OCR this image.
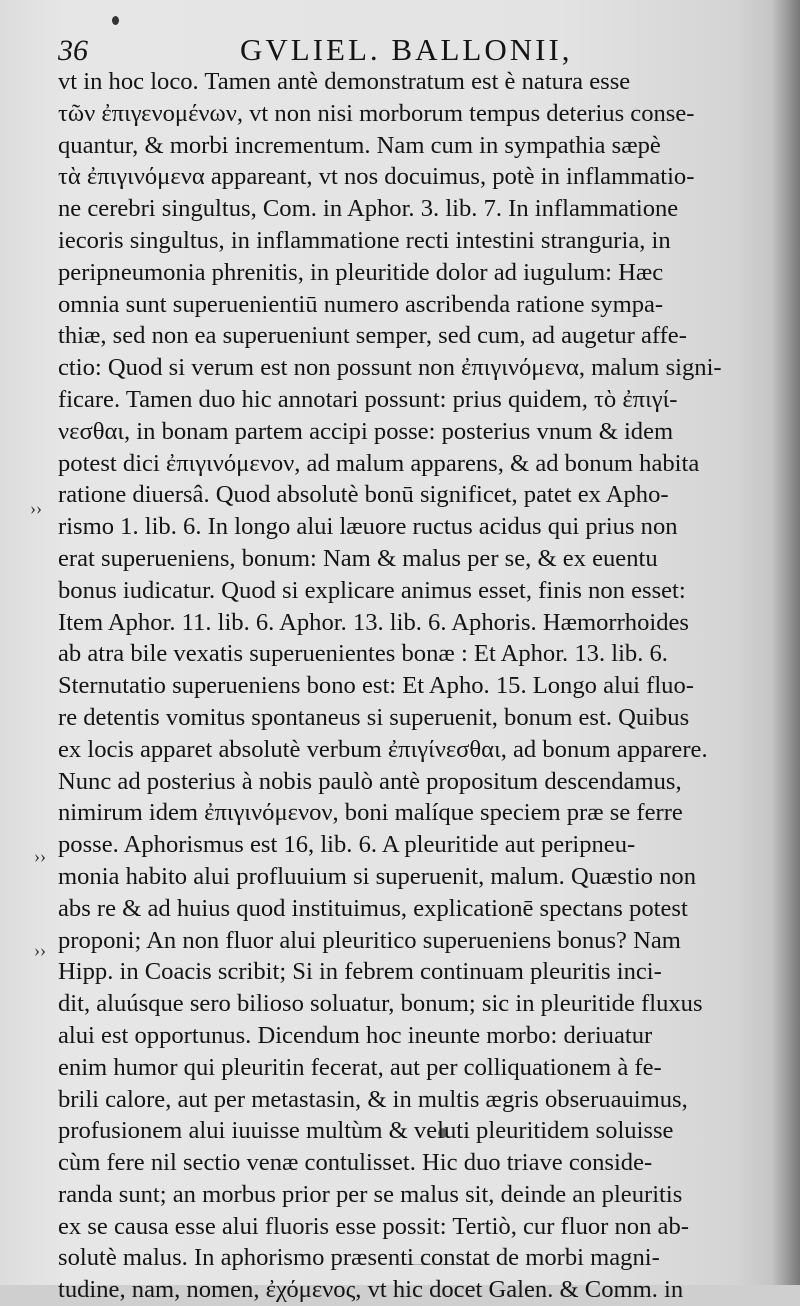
36	GVLIEL. BALLONII,
››
››
››
vt in hoc loco. Tamen antè demonstratum est è natura esse
τῶν ἐπιγενομένων, vt non nisi morborum tempus deterius conse-
quantur, & morbi incrementum. Nam cum in sympathia sæpè
τὰ ἐπιγινόμενα appareant, vt nos docuimus, potè in inflammatio-
ne cerebri singultus, Com. in Aphor. 3. lib. 7. In inflammatione
iecoris singultus, in inflammatione recti intestini stranguria, in
peripneumonia phrenitis, in pleuritide dolor ad iugulum: Hæc
omnia sunt superuenientiū numero ascribenda ratione sympa-
thiæ, sed non ea superueniunt semper, sed cum, ad augetur affe-
ctio: Quod si verum est non possunt non ἐπιγινόμενα, malum signi-
ficare. Tamen duo hic annotari possunt: prius quidem, τὸ ἐπιγί-
νεσθαι, in bonam partem accipi posse: posterius vnum & idem
potest dici ἐπιγινόμενον, ad malum apparens, & ad bonum habita
ratione diuersâ. Quod absolutè bonū significet, patet ex Apho-
rismo 1. lib. 6. In longo alui læuore ructus acidus qui prius non
erat superueniens, bonum: Nam & malus per se, & ex euentu
bonus iudicatur. Quod si explicare animus esset, finis non esset:
Item Aphor. 11. lib. 6. Aphor. 13. lib. 6. Aphoris. Hæmorrhoides
ab atra bile vexatis superuenientes bonæ : Et Aphor. 13. lib. 6.
Sternutatio superueniens bono est: Et Apho. 15. Longo alui fluo-
re detentis vomitus spontaneus si superuenit, bonum est. Quibus
ex locis apparet absolutè verbum ἐπιγίνεσθαι, ad bonum apparere.
Nunc ad posterius à nobis paulò antè propositum descendamus,
nimirum idem ἐπιγινόμενον, boni malíque speciem præ se ferre
posse. Aphorismus est 16, lib. 6. A pleuritide aut peripneu-
monia habito alui profluuium si superuenit, malum. Quæstio non
abs re & ad huius quod instituimus, explicationē spectans potest
proponi; An non fluor alui pleuritico superueniens bonus? Nam
Hipp. in Coacis scribit; Si in febrem continuam pleuritis inci-
dit, aluúsque sero bilioso soluatur, bonum; sic in pleuritide fluxus
alui est opportunus. Dicendum hoc ineunte morbo: deriuatur
enim humor qui pleuritin fecerat, aut per colliquationem à fe-
brili calore, aut per metastasin, & in multis ægris obseruauimus,
profusionem alui iuuisse multùm & veluti pleuritidem soluisse
cùm fere nil sectio venæ contulisset. Hic duo triave conside-
randa sunt; an morbus prior per se malus sit, deinde an pleuritis
ex se causa esse alui fluoris esse possit: Tertiò, cur fluor non ab-
solutè malus. In aphorismo præsenti constat de morbi magni-
tudine, nam, nomen, ἐχόμενος, vt hic docet Galen. & Comm. in
